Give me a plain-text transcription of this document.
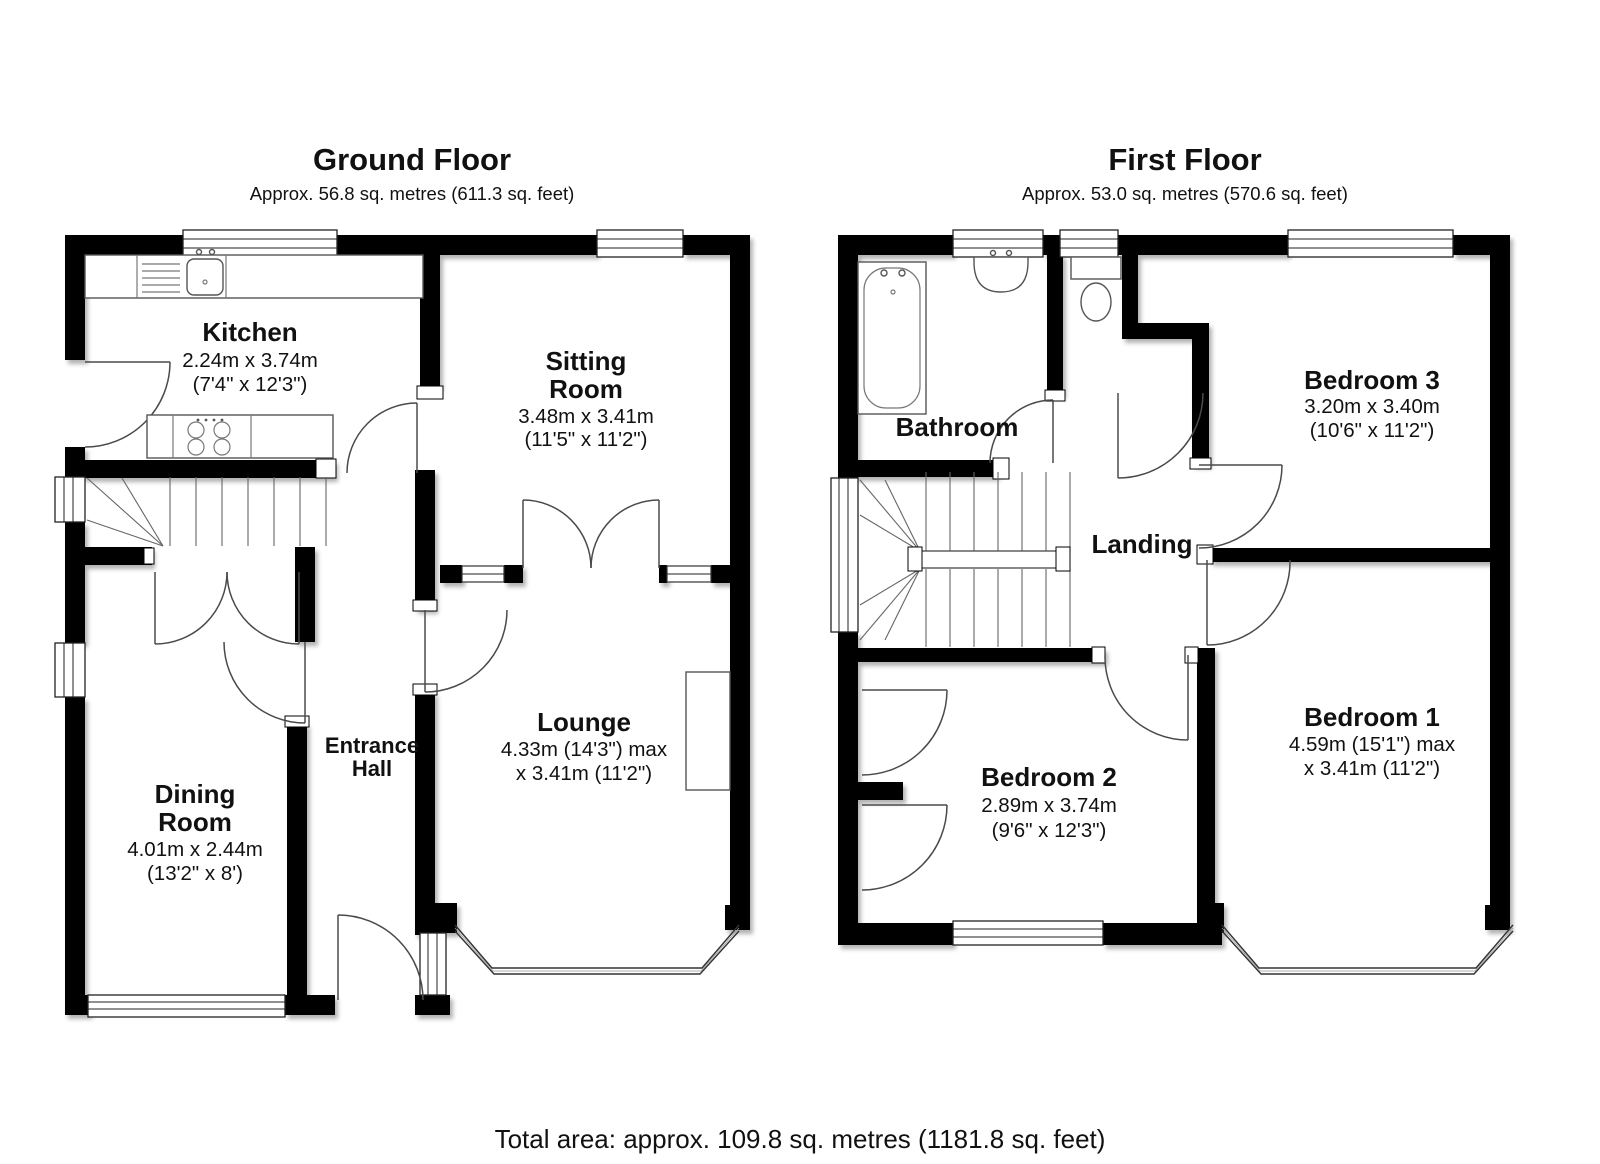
Ground Floor
Approx. 56.8 sq. metres (611.3 sq. feet)
Kitchen
2.24m x 3.74m
(7'4" x 12'3")
Sitting
Room
3.48m x 3.41m
(11'5" x 11'2")
Lounge
4.33m (14'3") max
x 3.41m (11'2")
Entrance
Hall
Dining
Room
4.01m x 2.44m
(13'2" x 8')
First Floor
Approx. 53.0 sq. metres (570.6 sq. feet)
Bathroom
Bedroom 3
3.20m x 3.40m
(10'6" x 11'2")
Landing
Bedroom 2
2.89m x 3.74m
(9'6" x 12'3")
Bedroom 1
4.59m (15'1") max
x 3.41m (11'2")
Total area: approx. 109.8 sq. metres (1181.8 sq. feet)
